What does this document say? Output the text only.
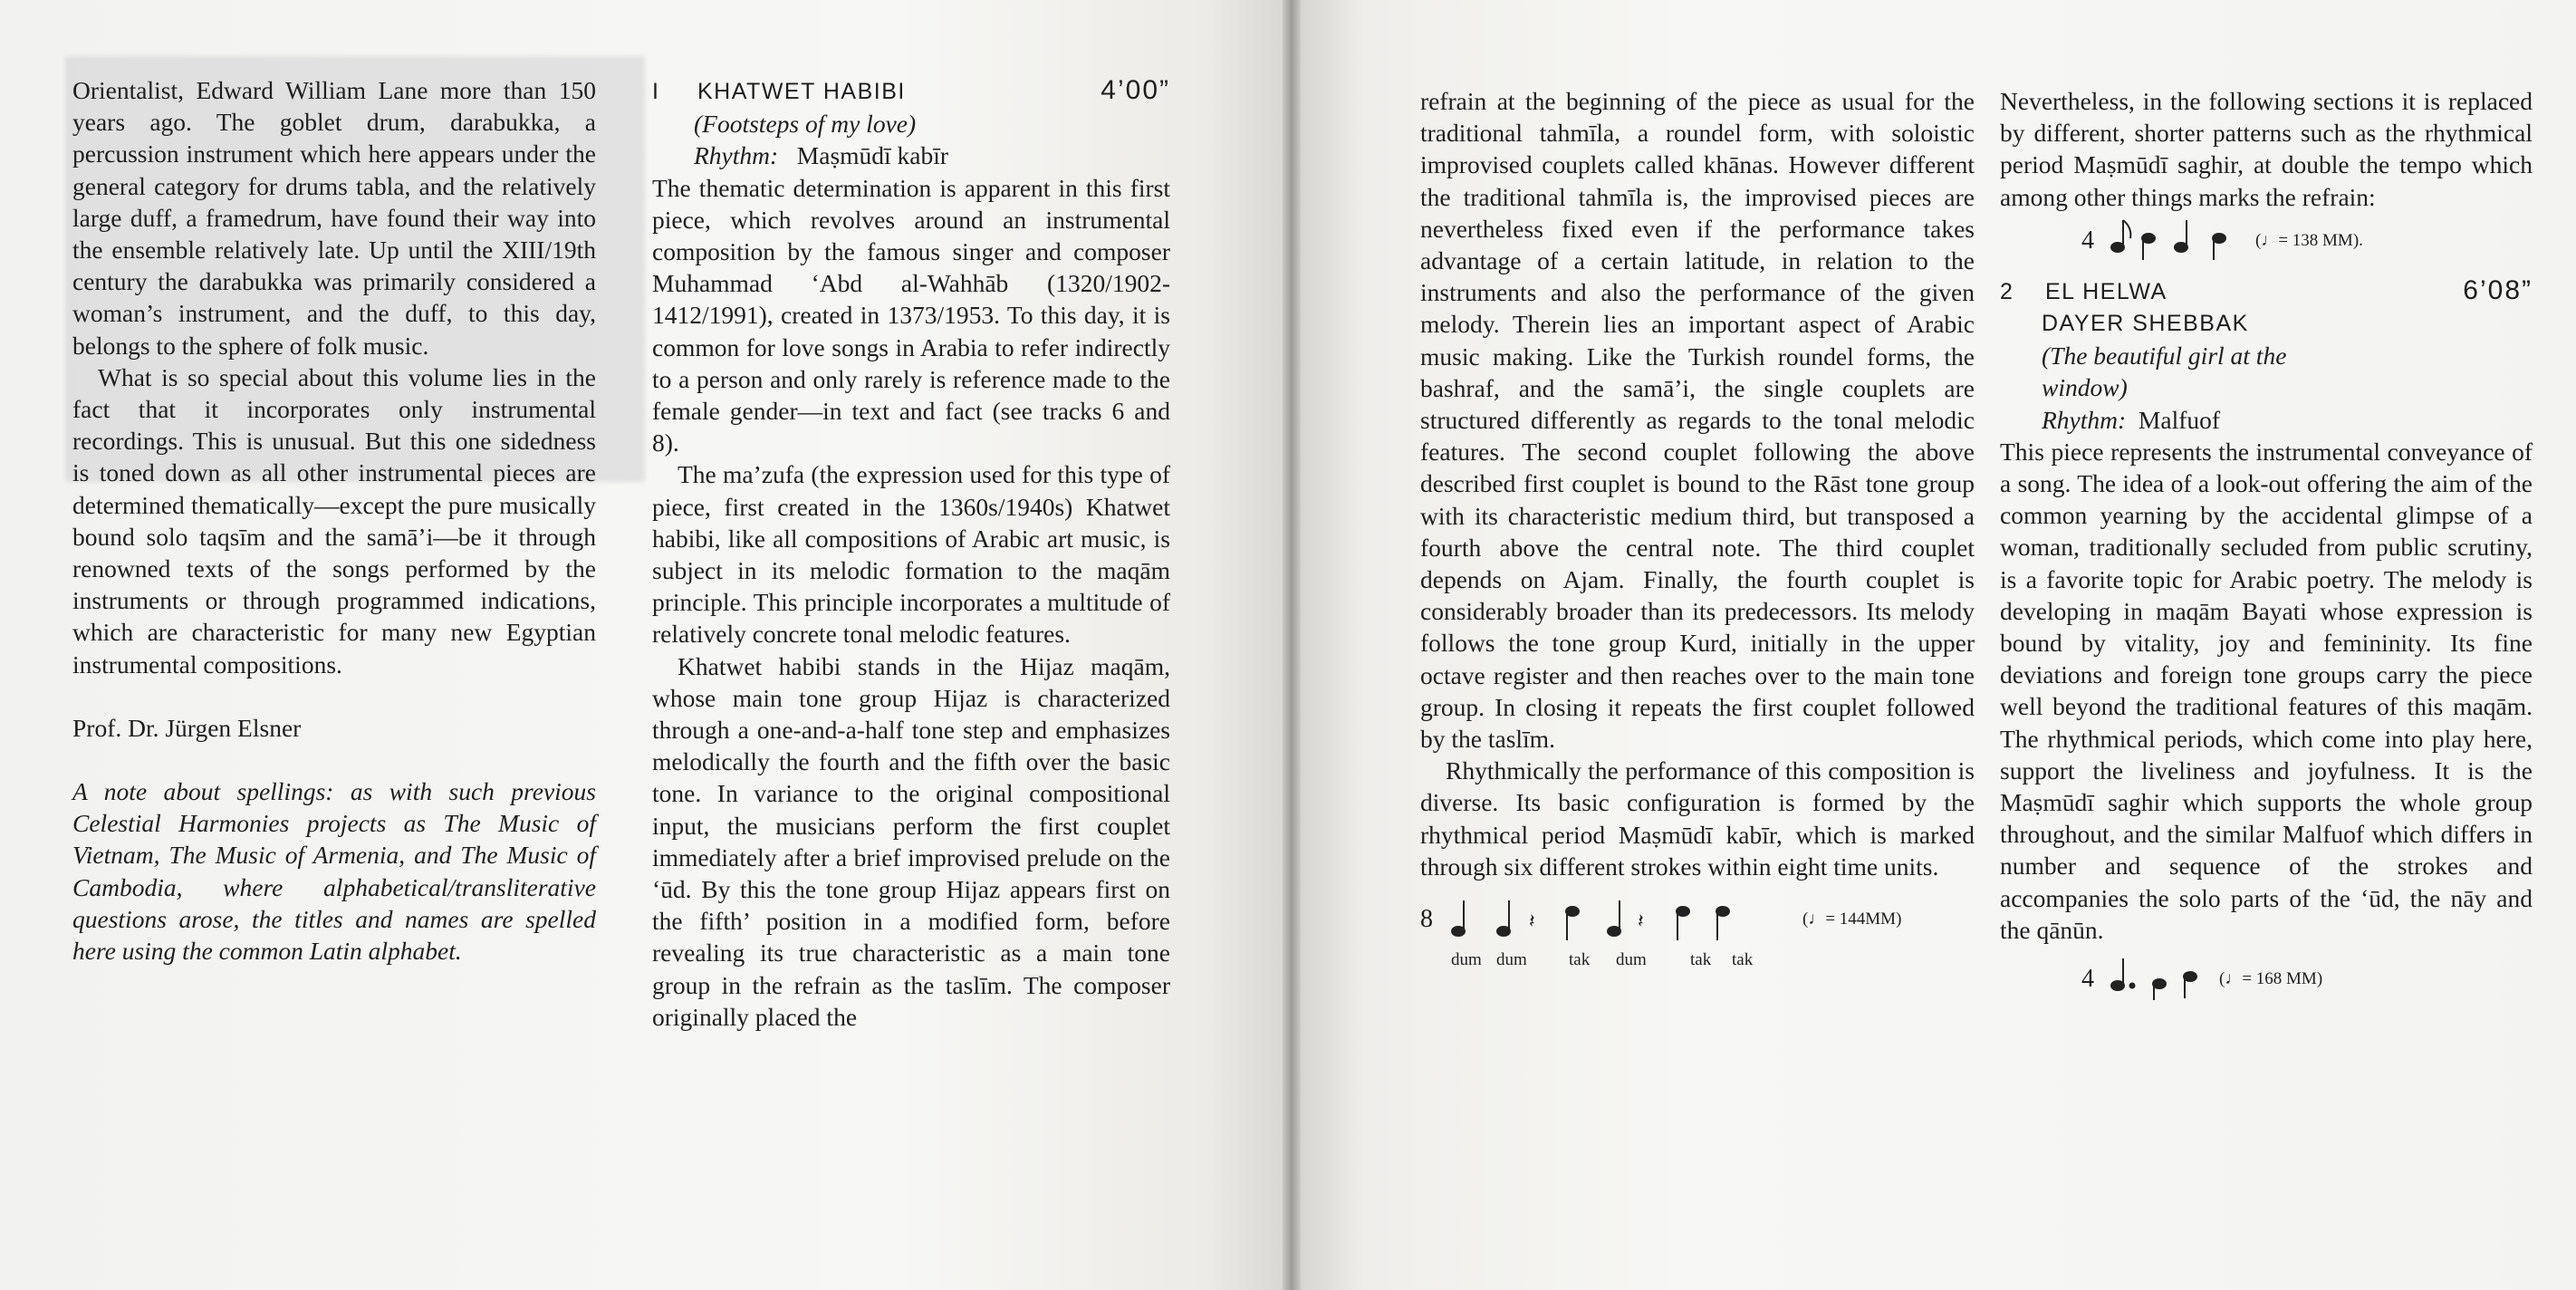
Orientalist, Edward William Lane more than 150 years ago. The goblet drum, darabukka, a percussion instrument which here appears under the general category for drums tabla, and the relatively large duff, a framedrum, have found their way into the ensemble relatively late. Up until the XIII/19th century the darabukka was primarily considered a woman’s instrument, and the duff, to this day, belongs to the sphere of folk music.

What is so special about this volume lies in the fact that it incorporates only instrumental recordings. This is unusual. But this one sidedness is toned down as all other instrumental pieces are determined thematically—except the pure musically bound solo taqsīm and the samā’i—be it through renowned texts of the songs performed by the instruments or through programmed indications, which are characteristic for many new Egyptian instrumental compositions.

Prof. Dr. Jürgen Elsner

A note about spellings: as with such previous Celestial Harmonies projects as The Music of Vietnam, The Music of Armenia, and The Music of Cambodia, where alphabetical/transliterative questions arose, the titles and names are spelled here using the common Latin alphabet.

I	KHATWET HABIBI	4’00”

(Footsteps of my love)

Rhythm: Maṣmūdī kabīr

The thematic determination is apparent in this first piece, which revolves around an instrumental composition by the famous singer and composer Muhammad ‘Abd al-Wahhāb (1320/1902-1412/1991), created in 1373/1953. To this day, it is common for love songs in Arabia to refer indirectly to a person and only rarely is reference made to the female gender—in text and fact (see tracks 6 and 8).

The ma’zufa (the expression used for this type of piece, first created in the 1360s/1940s) Khatwet habibi, like all compositions of Arabic art music, is subject in its melodic formation to the maqām principle. This principle incorporates a multitude of relatively concrete tonal melodic features.

Khatwet habibi stands in the Hijaz maqām, whose main tone group Hijaz is characterized through a one-and-a-half tone step and emphasizes melodically the fourth and the fifth over the basic tone. In variance to the original compositional input, the musicians perform the first couplet immediately after a brief improvised prelude on the ‘ūd. By this the tone group Hijaz appears first on the fifth’ position in a modified form, before revealing its true characteristic as a main tone group in the refrain as the taslīm. The composer originally placed the

refrain at the beginning of the piece as usual for the traditional tahmīla, a roundel form, with soloistic improvised couplets called khānas. However different the traditional tahmīla is, the improvised pieces are nevertheless fixed even if the performance takes advantage of a certain latitude, in relation to the instruments and also the performance of the given melody. Therein lies an important aspect of Arabic music making. Like the Turkish roundel forms, the bashraf, and the samā’i, the single couplets are structured differently as regards to the tonal melodic features. The second couplet following the above described first couplet is bound to the Rāst tone group with its characteristic medium third, but transposed a fourth above the central note. The third couplet depends on Ajam. Finally, the fourth couplet is considerably broader than its predecessors. Its melody follows the tone group Kurd, initially in the upper octave register and then reaches over to the main tone group. In closing it repeats the first couplet followed by the taslīm.

Rhythmically the performance of this composition is diverse. Its basic configuration is formed by the rhythmical period Maṣmūdī kabīr, which is marked through six different strokes within eight time units.

8	𝄽	𝄽	(♩= 144MM)
dum dum	tak	dum	tak	tak

Nevertheless, in the following sections it is replaced by different, shorter patterns such as the rhythmical period Maṣmūdī saghir, at double the tempo which among other things marks the refrain:

4	(♩= 138 MM).
2	EL HELWA	6’08”
DAYER SHEBBAK

(The beautiful girl at the window)

Rhythm: Malfuof

This piece represents the instrumental conveyance of a song. The idea of a look-out offering the aim of the common yearning by the accidental glimpse of a woman, traditionally secluded from public scrutiny, is a favorite topic for Arabic poetry. The melody is developing in maqām Bayati whose expression is bound by vitality, joy and femininity. Its fine deviations and foreign tone groups carry the piece well beyond the traditional features of this maqām. The rhythmical periods, which come into play here, support the liveliness and joyfulness. It is the Maṣmūdī saghir which supports the whole group throughout, and the similar Malfuof which differs in number and sequence of the strokes and accompanies the solo parts of the ‘ūd, the nāy and the qānūn.

4	(♩= 168 MM)
